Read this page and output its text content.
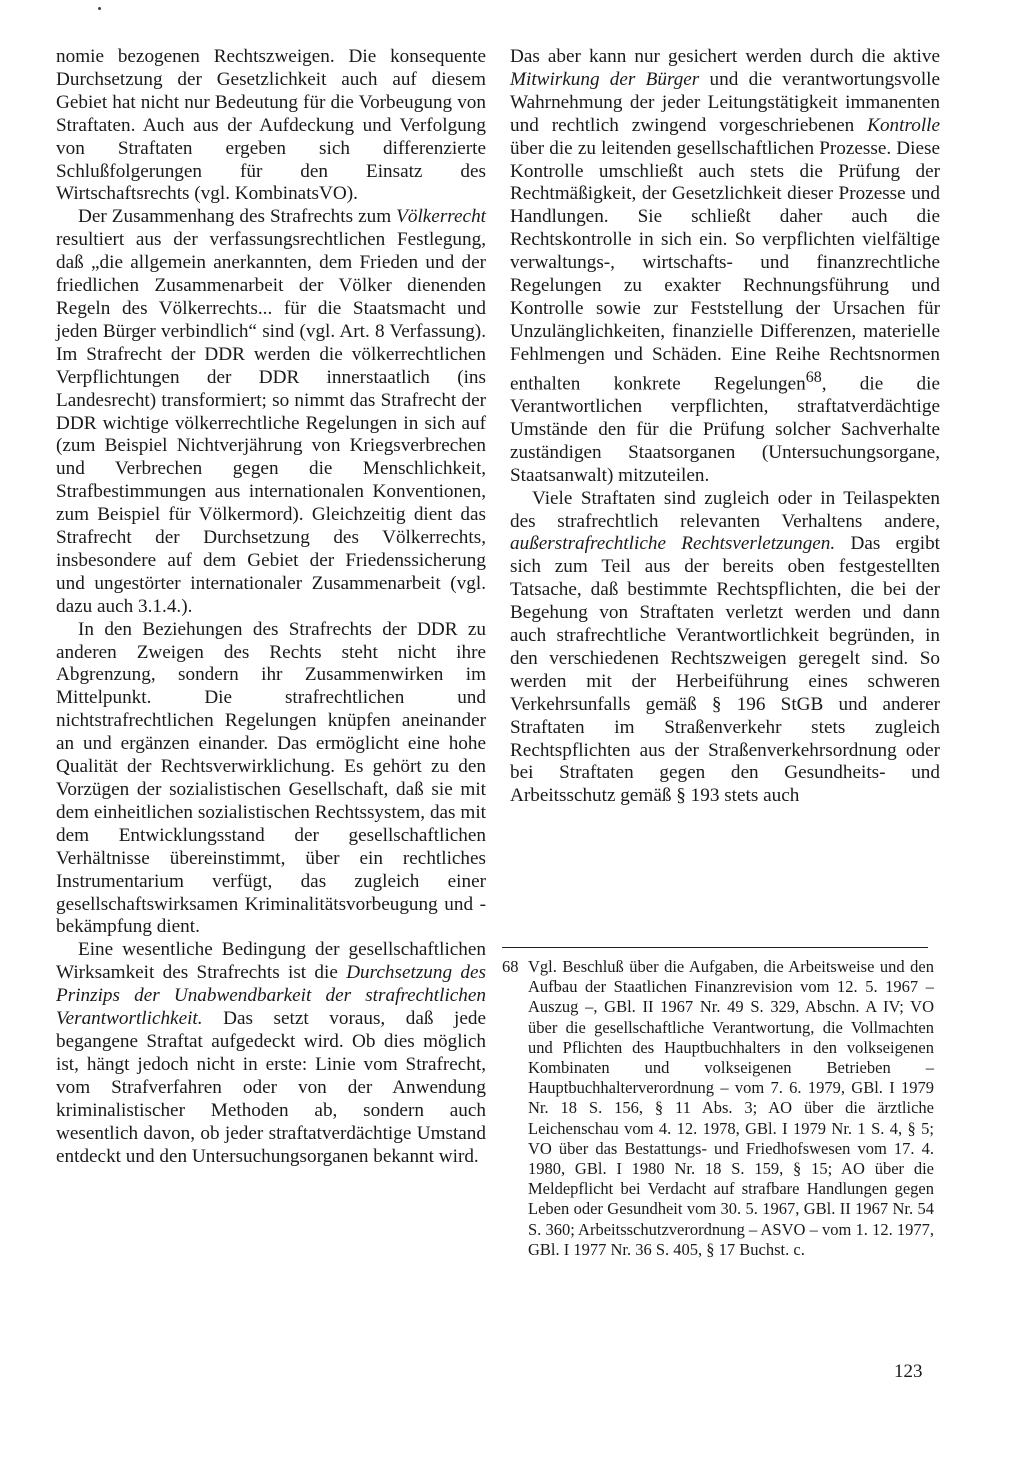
nomie bezogenen Rechtszweigen. Die konsequente Durchsetzung der Gesetzlichkeit auch auf diesem Gebiet hat nicht nur Bedeutung für die Vorbeugung von Straftaten. Auch aus der Aufdeckung und Verfolgung von Straftaten ergeben sich differenzierte Schlußfolgerungen für den Einsatz des Wirtschaftsrechts (vgl. KombinatsVO).

Der Zusammenhang des Strafrechts zum Völkerrecht resultiert aus der verfassungsrechtlichen Festlegung, daß „die allgemein anerkannten, dem Frieden und der friedlichen Zusammenarbeit der Völker dienenden Regeln des Völkerrechts... für die Staatsmacht und jeden Bürger verbindlich“ sind (vgl. Art. 8 Verfassung). Im Strafrecht der DDR werden die völkerrechtlichen Verpflichtungen der DDR innerstaatlich (ins Landesrecht) transformiert; so nimmt das Strafrecht der DDR wichtige völkerrechtliche Regelungen in sich auf (zum Beispiel Nichtverjährung von Kriegsverbrechen und Verbrechen gegen die Menschlichkeit, Strafbestimmungen aus internationalen Konventionen, zum Beispiel für Völkermord). Gleichzeitig dient das Strafrecht der Durchsetzung des Völkerrechts, insbesondere auf dem Gebiet der Friedenssicherung und ungestörter internationaler Zusammenarbeit (vgl. dazu auch 3.1.4.).

In den Beziehungen des Strafrechts der DDR zu anderen Zweigen des Rechts steht nicht ihre Abgrenzung, sondern ihr Zusammenwirken im Mittelpunkt. Die strafrechtlichen und nichtstrafrechtlichen Regelungen knüpfen aneinander an und ergänzen einander. Das ermöglicht eine hohe Qualität der Rechtsverwirklichung. Es gehört zu den Vorzügen der sozialistischen Gesellschaft, daß sie mit dem einheitlichen sozialistischen Rechtssystem, das mit dem Entwicklungsstand der gesellschaftlichen Verhältnisse übereinstimmt, über ein rechtliches Instrumentarium verfügt, das zugleich einer gesellschaftswirksamen Kriminalitätsvorbeugung und -bekämpfung dient.

Eine wesentliche Bedingung der gesellschaftlichen Wirksamkeit des Strafrechts ist die Durchsetzung des Prinzips der Unabwendbarkeit der strafrechtlichen Verantwortlichkeit. Das setzt voraus, daß jede begangene Straftat aufgedeckt wird. Ob dies möglich ist, hängt jedoch nicht in erste: Linie vom Strafrecht, vom Strafverfahren oder von der Anwendung kriminalistischer Methoden ab, sondern auch wesentlich davon, ob jeder straftatverdächtige Umstand entdeckt und den Untersuchungsorganen bekannt wird.

Das aber kann nur gesichert werden durch die aktive Mitwirkung der Bürger und die verantwortungsvolle Wahrnehmung der jeder Leitungstätigkeit immanenten und rechtlich zwingend vorgeschriebenen Kontrolle über die zu leitenden gesellschaftlichen Prozesse. Diese Kontrolle umschließt auch stets die Prüfung der Rechtmäßigkeit, der Gesetzlichkeit dieser Prozesse und Handlungen. Sie schließt daher auch die Rechtskontrolle in sich ein. So verpflichten vielfältige verwaltungs-, wirtschafts- und finanzrechtliche Regelungen zu exakter Rechnungsführung und Kontrolle sowie zur Feststellung der Ursachen für Unzulänglichkeiten, finanzielle Differenzen, materielle Fehlmengen und Schäden. Eine Reihe Rechtsnormen enthalten konkrete Regelungen$^{68}$, die die Verantwortlichen verpflichten, straftatverdächtige Umstände den für die Prüfung solcher Sachverhalte zuständigen Staatsorganen (Untersuchungsorgane, Staatsanwalt) mitzuteilen.

Viele Straftaten sind zugleich oder in Teilaspekten des strafrechtlich relevanten Verhaltens andere, außerstrafrechtliche Rechtsverletzungen. Das ergibt sich zum Teil aus der bereits oben festgestellten Tatsache, daß bestimmte Rechtspflichten, die bei der Begehung von Straftaten verletzt werden und dann auch strafrechtliche Verantwortlichkeit begründen, in den verschiedenen Rechtszweigen geregelt sind. So werden mit der Herbeiführung eines schweren Verkehrsunfalls gemäß § 196 StGB und anderer Straftaten im Straßenverkehr stets zugleich Rechtspflichten aus der Straßenverkehrsordnung oder bei Straftaten gegen den Gesundheits- und Arbeitsschutz gemäß § 193 stets auch

68 Vgl. Beschluß über die Aufgaben, die Arbeitsweise und den Aufbau der Staatlichen Finanzrevision vom 12. 5. 1967 – Auszug –, GBl. II 1967 Nr. 49 S. 329, Abschn. A IV; VO über die gesellschaftliche Verantwortung, die Vollmachten und Pflichten des Hauptbuchhalters in den volkseigenen Kombinaten und volkseigenen Betrieben – Hauptbuchhalterverordnung – vom 7. 6. 1979, GBl. I 1979 Nr. 18 S. 156, § 11 Abs. 3; AO über die ärztliche Leichenschau vom 4. 12. 1978, GBl. I 1979 Nr. 1 S. 4, § 5; VO über das Bestattungs- und Friedhofswesen vom 17. 4. 1980, GBl. I 1980 Nr. 18 S. 159, § 15; AO über die Meldepflicht bei Verdacht auf strafbare Handlungen gegen Leben oder Gesundheit vom 30. 5. 1967, GBl. II 1967 Nr. 54 S. 360; Arbeitsschutzverordnung – ASVO – vom 1. 12. 1977, GBl. I 1977 Nr. 36 S. 405, § 17 Buchst. c.
123
